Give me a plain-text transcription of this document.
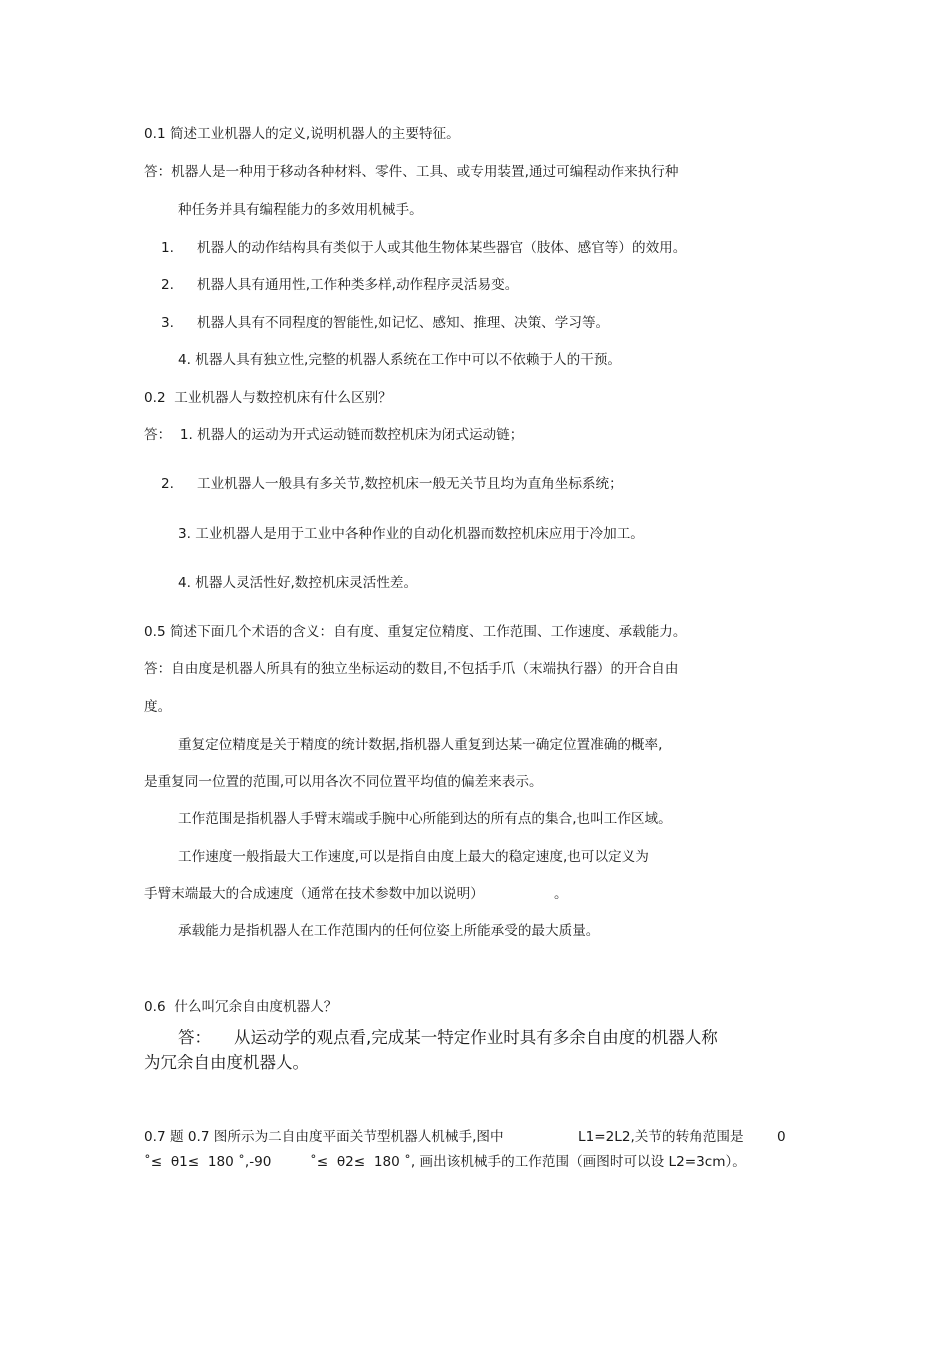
0.1 简述工业机器人的定义,说明机器人的主要特征。
答：机器人是一种用于移动各种材料、零件、工具、或专用装置,通过可编程动作来执行种
种任务并具有编程能力的多效用机械手。
1. 机器人的动作结构具有类似于人或其他生物体某些器官（肢体、感官等）的效用。
2. 机器人具有通用性,工作种类多样,动作程序灵活易变。
3. 机器人具有不同程度的智能性,如记忆、感知、推理、决策、学习等。
4. 机器人具有独立性,完整的机器人系统在工作中可以不依赖于人的干预。
0.2  工业机器人与数控机床有什么区别？
答：  1. 机器人的运动为开式运动链而数控机床为闭式运动链；
2. 工业机器人一般具有多关节,数控机床一般无关节且均为直角坐标系统；
3. 工业机器人是用于工业中各种作业的自动化机器而数控机床应用于冷加工。
4. 机器人灵活性好,数控机床灵活性差。
0.5 简述下面几个术语的含义：自有度、重复定位精度、工作范围、工作速度、承载能力。
答：自由度是机器人所具有的独立坐标运动的数目,不包括手爪（末端执行器）的开合自由
度。
重复定位精度是关于精度的统计数据,指机器人重复到达某一确定位置准确的概率,
是重复同一位置的范围,可以用各次不同位置平均值的偏差来表示。
工作范围是指机器人手臂末端或手腕中心所能到达的所有点的集合,也叫工作区域。
工作速度一般指最大工作速度,可以是指自由度上最大的稳定速度,也可以定义为
手臂末端最大的合成速度（通常在技术参数中加以说明）	。
承载能力是指机器人在工作范围内的任何位姿上所能承受的最大质量。
0.6  什么叫冗余自由度机器人？
答： 从运动学的观点看,完成某一特定作业时具有多余自由度的机器人称
为冗余自由度机器人。
0.7 题 0.7 图所示为二自由度平面关节型机器人机械手,图中	L1=2L2,关节的转角范围是 0
˚≤  θ1≤  180 ˚,-90	˚≤  θ2≤  180 ˚, 画出该机械手的工作范围（画图时可以设 L2=3cm）。
